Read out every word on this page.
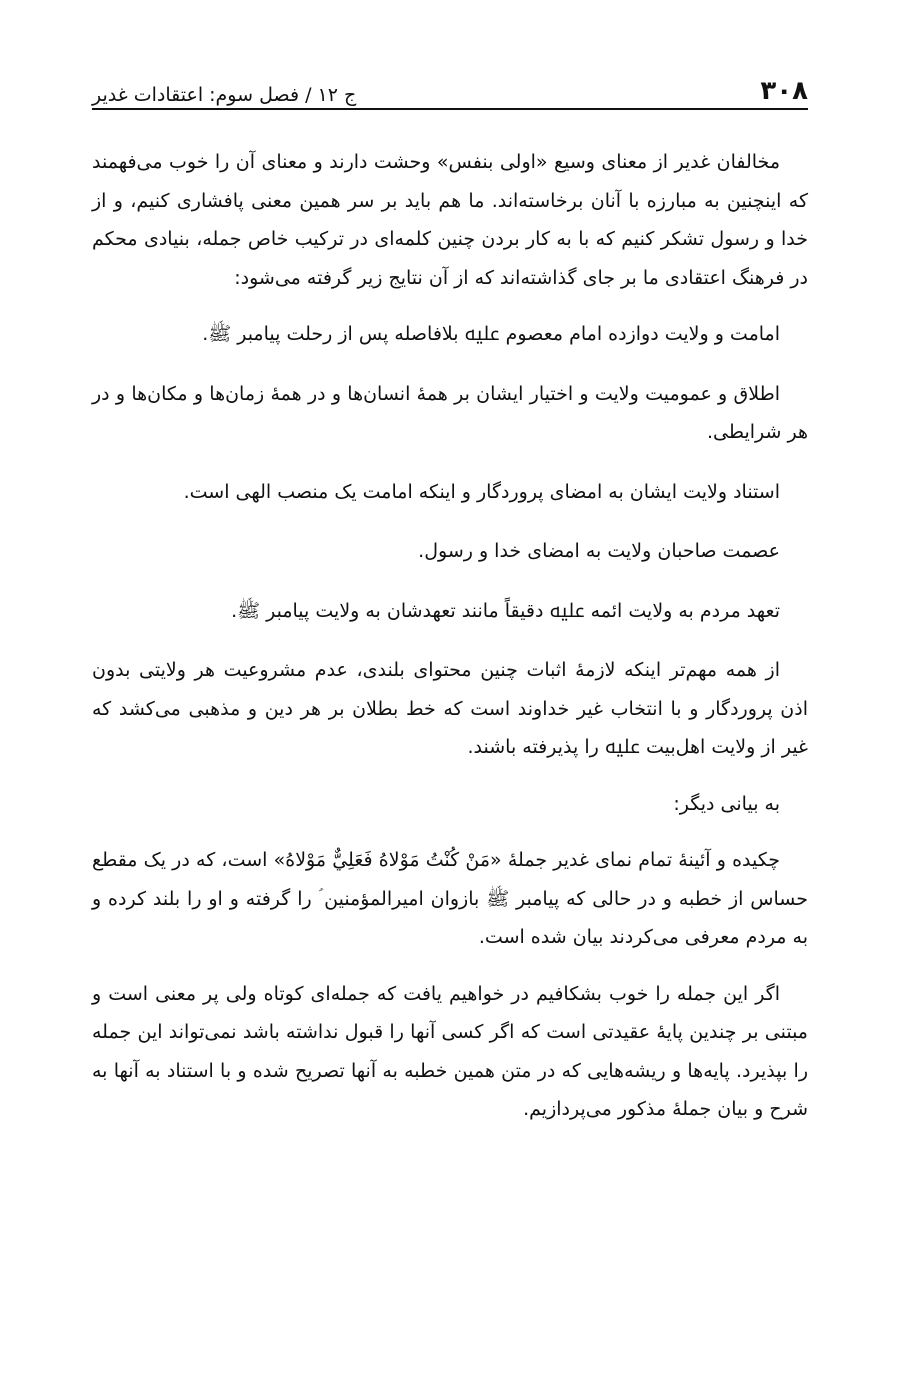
۳۰۸
ج ۱۲ / فصل سوم: اعتقادات غدیر

مخالفان غدیر از معنای وسیع «اولی بنفس» وحشت دارند و معنای آن را خوب می‌فهمند که اینچنین به مبارزه با آنان برخاسته‌اند. ما هم باید بر سر همین معنی پافشاری کنیم، و از خدا و رسول تشکر کنیم که با به کار بردن چنین کلمه‌ای در ترکیب خاص جمله، بنیادی محکم در فرهنگ اعتقادی ما بر جای گذاشته‌اند که از آن نتایج زیر گرفته می‌شود:

امامت و ولایت دوازده امام معصوم ﷷ بلافاصله پس از رحلت پیامبر ﷺ.

اطلاق و عمومیت ولایت و اختیار ایشان بر همهٔ انسان‌ها و در همهٔ زمان‌ها و مکان‌ها و در هر شرایطی.

استناد ولایت ایشان به امضای پروردگار و اینکه امامت یک منصب الهی است.

عصمت صاحبان ولایت به امضای خدا و رسول.

تعهد مردم به ولایت ائمه ﷷ دقیقاً مانند تعهدشان به ولایت پیامبر ﷺ.

از همه مهم‌تر اینکه لازمهٔ اثبات چنین محتوای بلندی، عدم مشروعیت هر ولایتی بدون اذن پروردگار و با انتخاب غیر خداوند است که خط بطلان بر هر دین و مذهبی می‌کشد که غیر از ولایت اهل‌بیت ﷷ را پذیرفته باشند.

به بیانی دیگر:

چکیده و آئینهٔ تمام نمای غدیر جملهٔ «مَنْ كُنْتُ مَوْلاهُ فَعَلِيٌّ مَوْلاهُ» است، که در یک مقطع حساس از خطبه و در حالی که پیامبر ﷺ بازوان امیرالمؤمنین ؑ را گرفته و او را بلند کرده و به مردم معرفی می‌کردند بیان شده است.

اگر این جمله را خوب بشکافیم در خواهیم یافت که جمله‌ای کوتاه ولی پر معنی است و مبتنی بر چندین پایهٔ عقیدتی است که اگر کسی آنها را قبول نداشته باشد نمی‌تواند این جمله را بپذیرد. پایه‌ها و ریشه‌هایی که در متن همین خطبه به آنها تصریح شده و با استناد به آنها به شرح و بیان جملهٔ مذکور می‌پردازیم.
